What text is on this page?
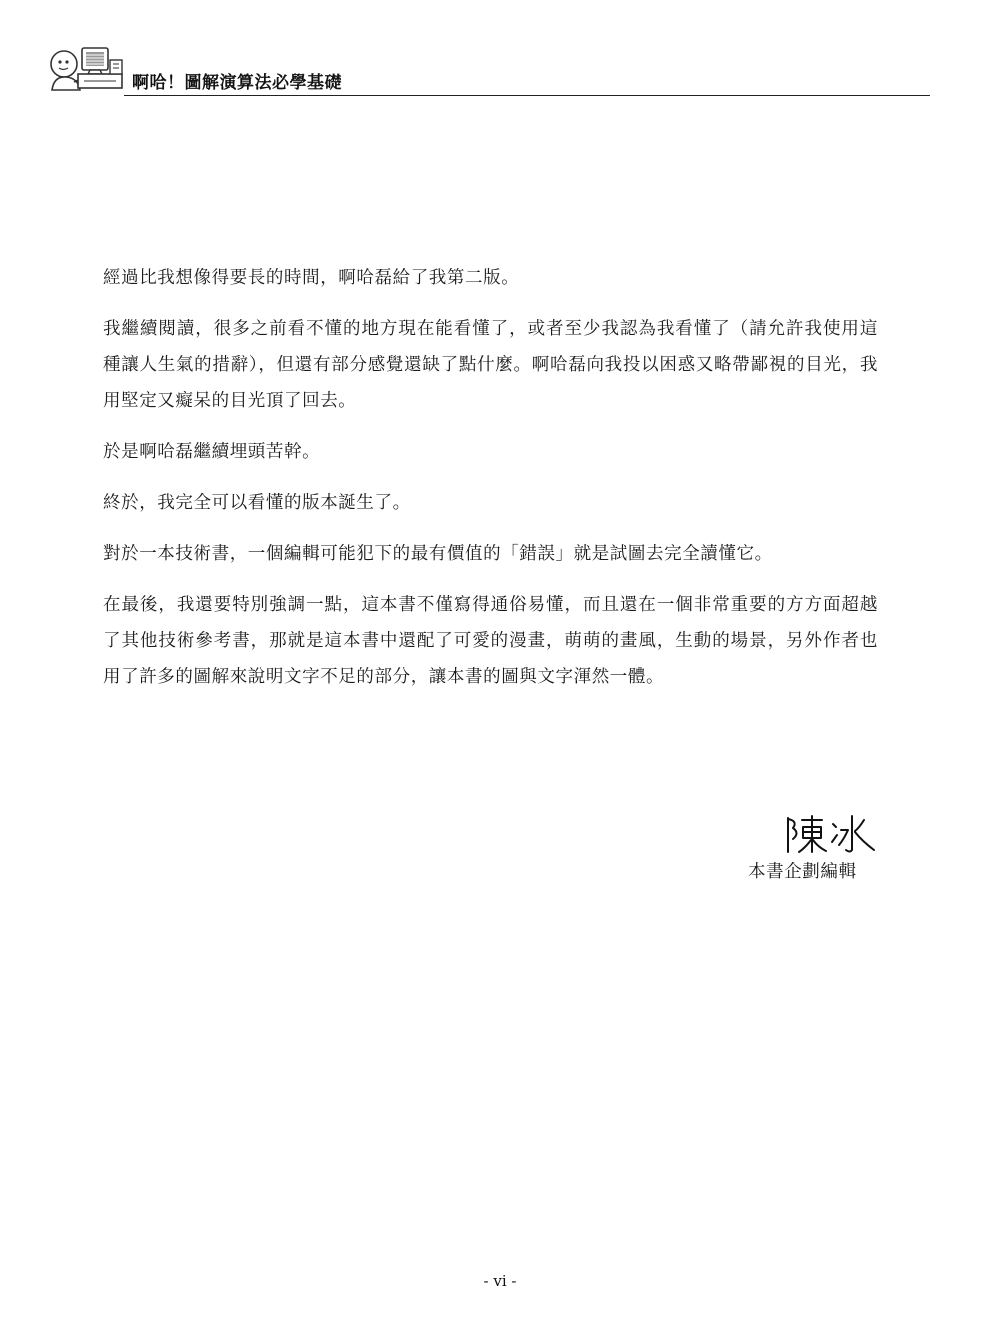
啊哈！圖解演算法必學基礎

經過比我想像得要長的時間，啊哈磊給了我第二版。

我繼續閱讀，很多之前看不懂的地方現在能看懂了，或者至少我認為我看懂了（請允許我使用這種讓人生氣的措辭），但還有部分感覺還缺了點什麼。啊哈磊向我投以困惑又略帶鄙視的目光，我用堅定又癡呆的目光頂了回去。

於是啊哈磊繼續埋頭苦幹。

終於，我完全可以看懂的版本誕生了。

對於一本技術書，一個編輯可能犯下的最有價值的「錯誤」就是試圖去完全讀懂它。

在最後，我還要特別強調一點，這本書不僅寫得通俗易懂，而且還在一個非常重要的方方面超越了其他技術參考書，那就是這本書中還配了可愛的漫畫，萌萌的畫風，生動的場景，另外作者也用了許多的圖解來說明文字不足的部分，讓本書的圖與文字渾然一體。

本書企劃編輯
- vi -
